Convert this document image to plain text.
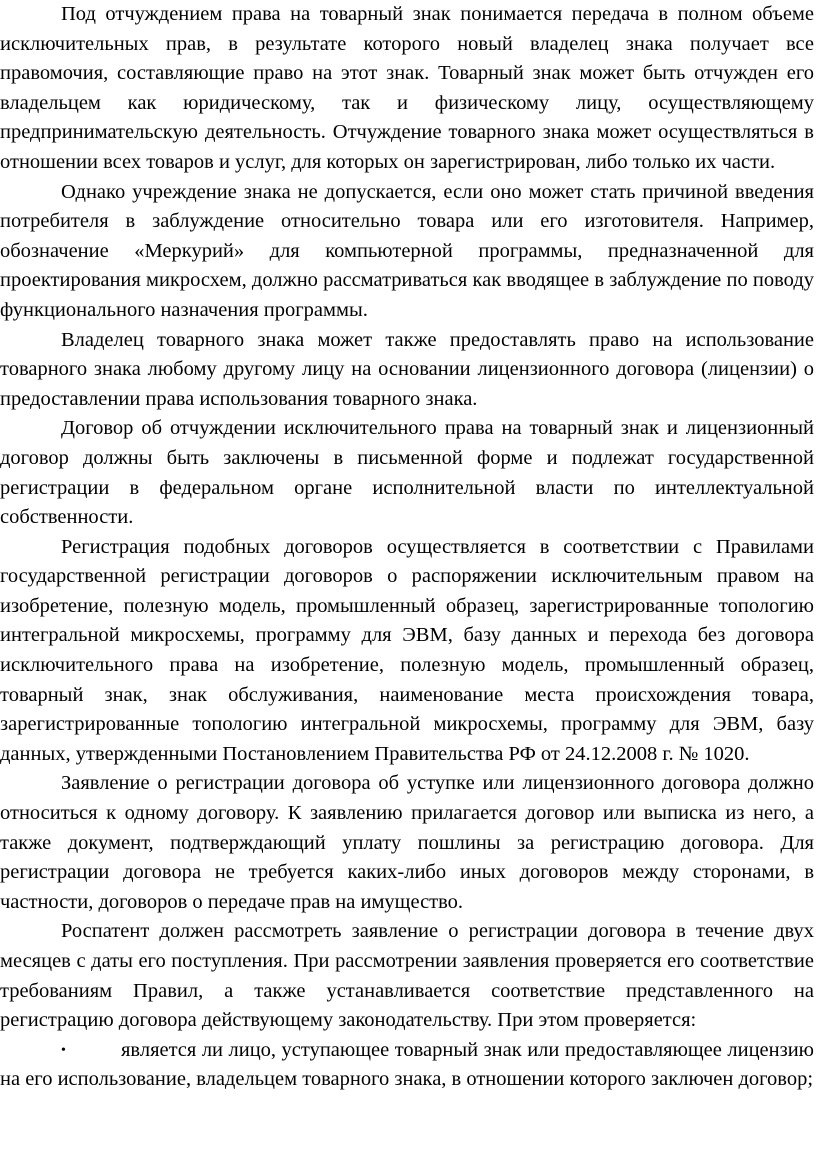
Под отчуждением права на товарный знак понимается передача в полном объеме исключительных прав, в результате которого новый владелец знака получает все правомочия, составляющие право на этот знак. Товарный знак может быть отчужден его владельцем как юридическому, так и физическому лицу, осуществляющему предпринимательскую деятельность. Отчуждение товарного знака может осуществляться в отношении всех товаров и услуг, для которых он зарегистрирован, либо только их части.

Однако учреждение знака не допускается, если оно может стать причиной введения потребителя в заблуждение относительно товара или его изготовителя. Например, обозначение «Меркурий» для компьютерной программы, предназначенной для проектирования микросхем, должно рассматриваться как вводящее в заблуждение по поводу функционального назначения программы.

Владелец товарного знака может также предоставлять право на использование товарного знака любому другому лицу на основании лицензионного договора (лицензии) о предоставлении права использования товарного знака.

Договор об отчуждении исключительного права на товарный знак и лицензионный договор должны быть заключены в письменной форме и подлежат государственной регистрации в федеральном органе исполнительной власти по интеллектуальной собственности.

Регистрация подобных договоров осуществляется в соответствии с Правилами государственной регистрации договоров о распоряжении исключительным правом на изобретение, полезную модель, промышленный образец, зарегистрированные топологию интегральной микросхемы, программу для ЭВМ, базу данных и перехода без договора исключительного права на изобретение, полезную модель, промышленный образец, товарный знак, знак обслуживания, наименование места происхождения товара, зарегистрированные топологию интегральной микросхемы, программу для ЭВМ, базу данных, утвержденными Постановлением Правительства РФ от 24.12.2008 г. № 1020.

Заявление о регистрации договора об уступке или лицензионного договора должно относиться к одному договору. К заявлению прилагается договор или выписка из него, а также документ, подтверждающий уплату пошлины за регистрацию договора. Для регистрации договора не требуется каких-либо иных договоров между сторонами, в частности, договоров о передаче прав на имущество.

Роспатент должен рассмотреть заявление о регистрации договора в течение двух месяцев с даты его поступления. При рассмотрении заявления проверяется его соответствие требованиям Правил, а также устанавливается соответствие представленного на регистрацию договора действующему законодательству. При этом проверяется:

•	является ли лицо, уступающее товарный знак или предоставляющее лицензию на его использование, владельцем товарного знака, в отношении которого заключен договор;
